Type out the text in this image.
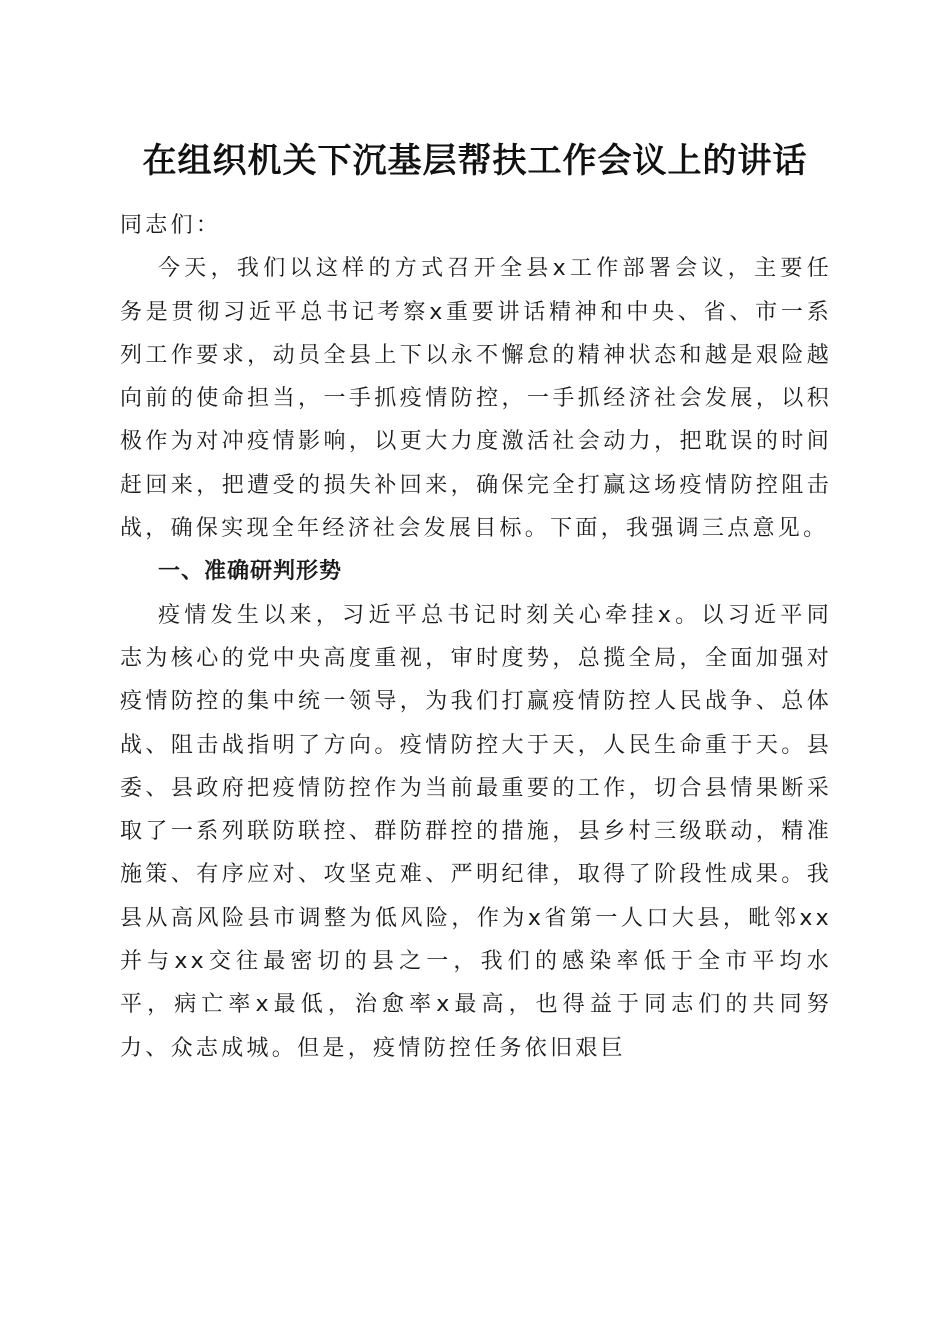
在组织机关下沉基层帮扶工作会议上的讲话

同志们：

今天，我们以这样的方式召开全县x工作部署会议，主要任务是贯彻习近平总书记考察x重要讲话精神和中央、省、市一系列工作要求，动员全县上下以永不懈怠的精神状态和越是艰险越向前的使命担当，一手抓疫情防控，一手抓经济社会发展，以积极作为对冲疫情影响，以更大力度激活社会动力，把耽误的时间赶回来，把遭受的损失补回来，确保完全打赢这场疫情防控阻击战，确保实现全年经济社会发展目标。下面，我强调三点意见。

一、准确研判形势

疫情发生以来，习近平总书记时刻关心牵挂x。以习近平同志为核心的党中央高度重视，审时度势，总揽全局，全面加强对疫情防控的集中统一领导，为我们打赢疫情防控人民战争、总体战、阻击战指明了方向。疫情防控大于天，人民生命重于天。县委、县政府把疫情防控作为当前最重要的工作，切合县情果断采取了一系列联防联控、群防群控的措施，县乡村三级联动，精准施策、有序应对、攻坚克难、严明纪律，取得了阶段性成果。我县从高风险县市调整为低风险，作为x省第一人口大县，毗邻xx并与xx交往最密切的县之一，我们的感染率低于全市平均水平，病亡率x最低，治愈率x最高，也得益于同志们的共同努力、众志成城。但是，疫情防控任务依旧艰巨
